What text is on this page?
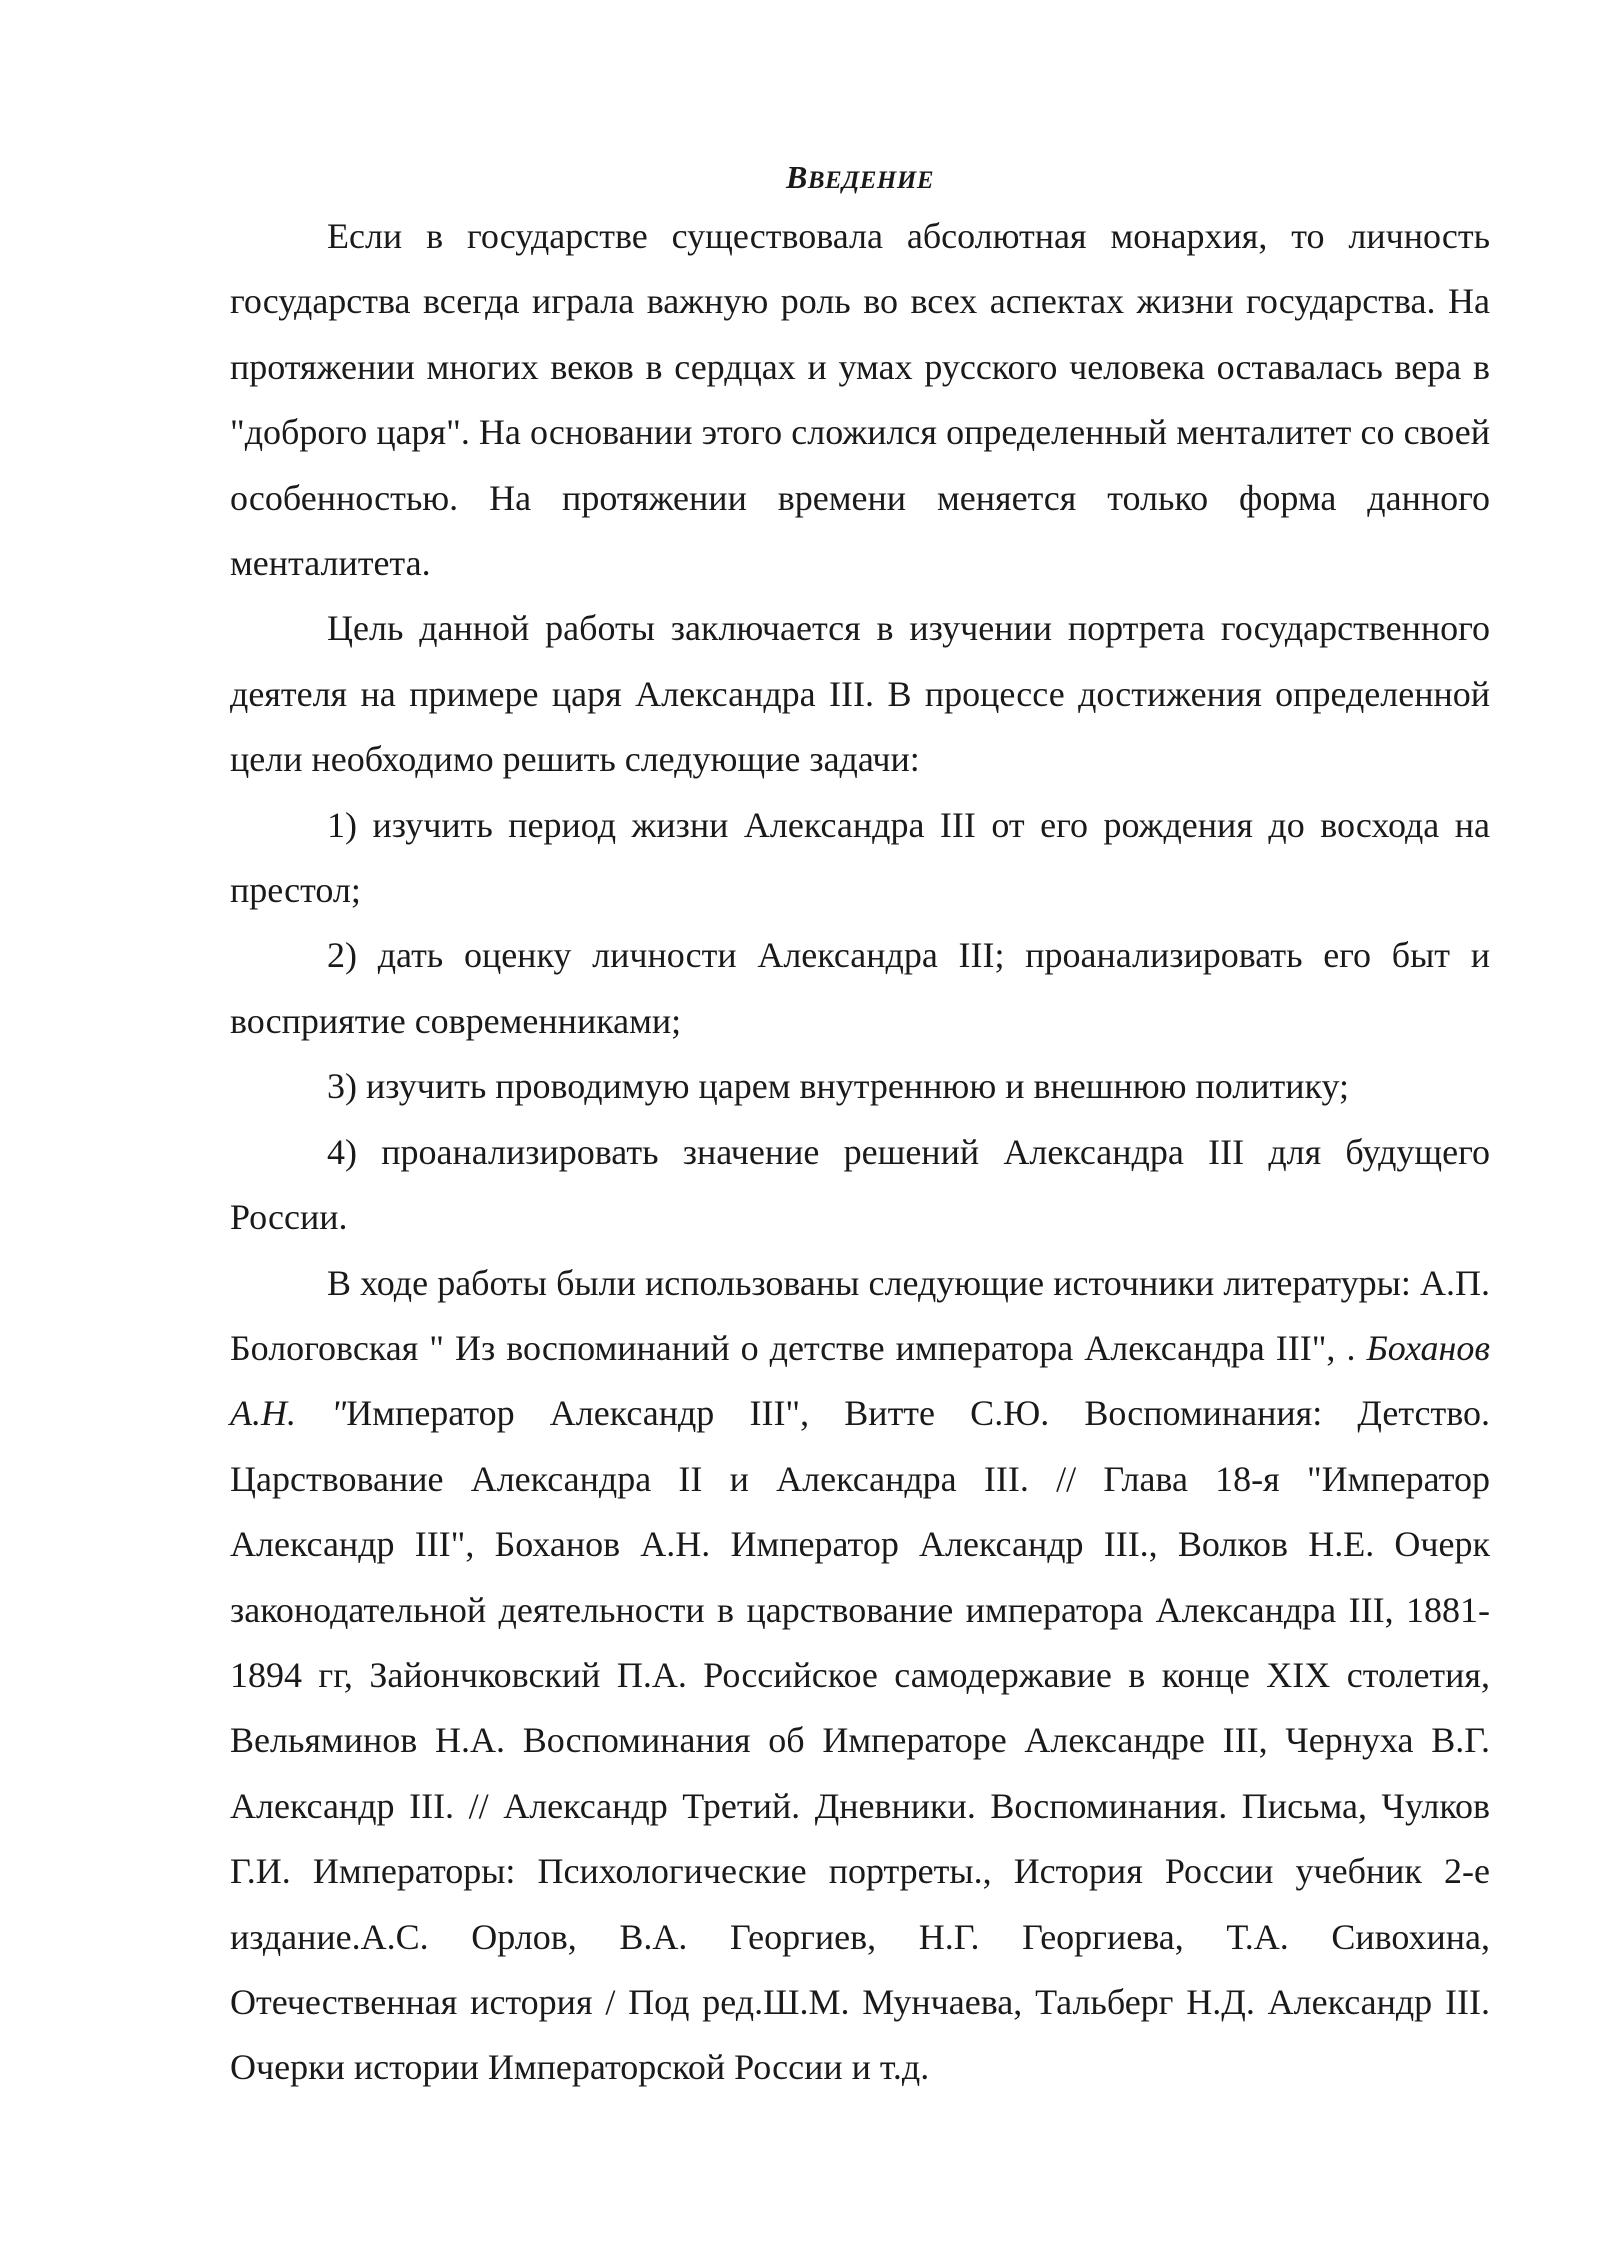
ВВЕДЕНИЕ

Если в государстве существовала абсолютная монархия, то личность государства всегда играла важную роль во всех аспектах жизни государства. На протяжении многих веков в сердцах и умах русского человека оставалась вера в "доброго царя". На основании этого сложился определенный менталитет со своей особенностью. На протяжении времени меняется только форма данного менталитета.

Цель данной работы заключается в изучении портрета государственного деятеля на примере царя Александра III. В процессе достижения определенной цели необходимо решить следующие задачи:

1) изучить период жизни Александра III от его рождения до восхода на престол;

2) дать оценку личности Александра III; проанализировать его быт и восприятие современниками;

3) изучить проводимую царем внутреннюю и внешнюю политику;

4) проанализировать значение решений Александра III для будущего России.

В ходе работы были использованы следующие источники литературы: А.П. Бологовская " Из воспоминаний о детстве императора Александра III", . Боханов А.Н. "Император Александр III", Витте С.Ю. Воспоминания: Детство. Царствование Александра II и Александра III. // Глава 18-я "Император Александр III", Боханов А.Н. Император Александр III., Волков Н.Е. Очерк законодательной деятельности в царствование императора Александра III, 1881-1894 гг, Зайончковский П.А. Российское самодержавие в конце XIX столетия, Вельяминов Н.А. Воспоминания об Императоре Александре III, Чернуха В.Г. Александр III. // Александр Третий. Дневники. Воспоминания. Письма, Чулков Г.И. Императоры: Психологические портреты., История России учебник 2-е издание.А.С. Орлов, В.А. Георгиев, Н.Г. Георгиева, Т.А. Сивохина, Отечественная история / Под ред.Ш.М. Мунчаева, Тальберг Н.Д. Александр III. Очерки истории Императорской России и т.д.
